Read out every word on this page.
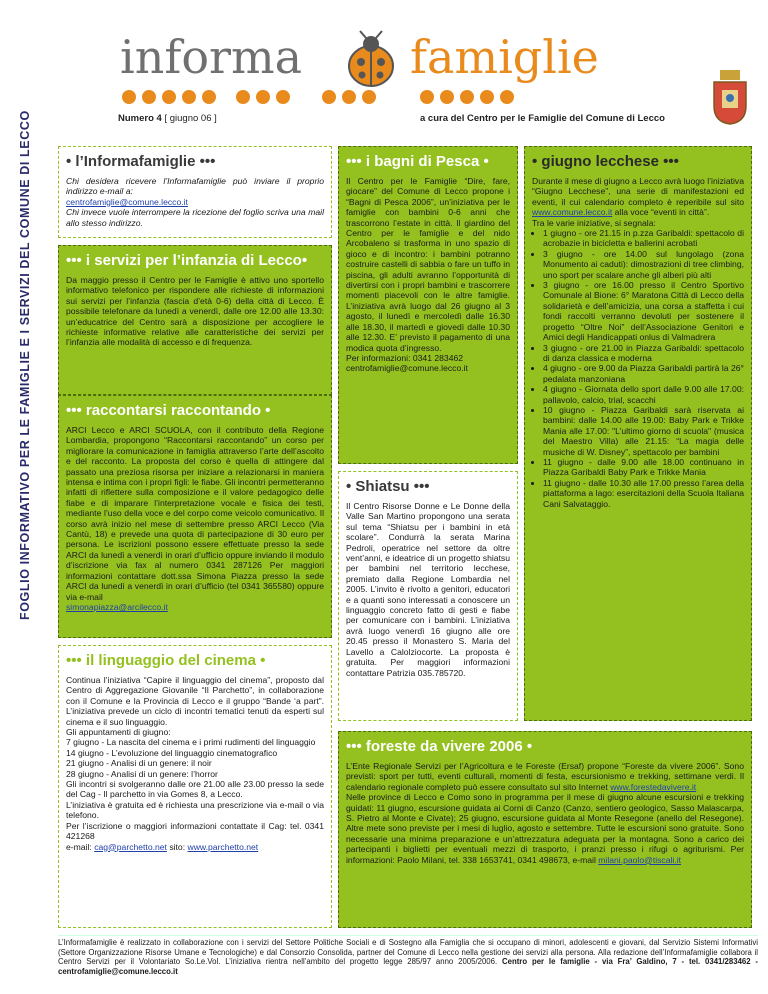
FOGLIO INFORMATIVO PER LE FAMIGLIE E I SERVIZI DEL COMUNE DI LECCO
informa famiglie
Numero 4 [ giugno 06 ]	a cura del Centro per le Famiglie del Comune di Lecco
• l’Informafamiglie •••

Chi desidera ricevere l’Informafamiglie può inviare il proprio indirizzo e-mail a:

centrofamiglie@comune.lecco.it

Chi invece vuole interrompere la ricezione del foglio scriva una mail allo stesso indirizzo.

••• i servizi per l’infanzia di Lecco•

Da maggio presso il Centro per le Famiglie è attivo uno sportello informativo telefonico per rispondere alle richieste di informazioni sui servizi per l’infanzia (fascia d’età 0-6) della città di Lecco. È possibile telefonare da lunedì a venerdì, dalle ore 12.00 alle 13.30: un’educatrice del Centro sarà a disposizione per accogliere le richieste informative relative alle caratteristiche dei servizi per l’infanzia alle modalità di accesso e di frequenza.

••• raccontarsi raccontando •

ARCI Lecco e ARCI SCUOLA, con il contributo della Regione Lombardia, propongono “Raccontarsi raccontando” un corso per migliorare la comunicazione in famiglia attraverso l’arte dell’ascolto e del racconto. La proposta del corso è quella di attingere dal passato una preziosa risorsa per iniziare a relazionarsi in maniera intensa e intima con i propri figli: le fiabe. Gli incontri permetteranno infatti di riflettere sulla composizione e il valore pedagogico delle fiabe e di imparare l’interpretazione vocale e fisica dei testi, mediante l’uso della voce e del corpo come veicolo comunicativo. Il corso avrà inizio nel mese di settembre presso ARCI Lecco (Via Cantù, 18) e prevede una quota di partecipazione di 30 euro per persona. Le iscrizioni possono essere effettuate presso la sede ARCI da lunedì a venerdì in orari d’ufficio oppure inviando il modulo d’iscrizione via fax al numero 0341 287126 Per maggiori informazioni contattare dott.ssa Simona Piazza presso la sede ARCI da lunedì a venerdì in orari d’ufficio (tel 0341 365580) oppure via e-mail

simonapiazza@arcilecco.it

••• il linguaggio del cinema •

Continua l’iniziativa “Capire il linguaggio del cinema”, proposto dal Centro di Aggregazione Giovanile “Il Parchetto”, in collaborazione con il Comune e la Provincia di Lecco e il gruppo “Bande ‘a part”. L’iniziativa prevede un ciclo di incontri tematici tenuti da esperti sul cinema e il suo linguaggio.

Gli appuntamenti di giugno:

7 giugno - La nascita del cinema e i primi rudimenti del linguaggio

14 giugno - L’evoluzione del linguaggio cinematografico

21 giugno - Analisi di un genere: il noir

28 giugno - Analisi di un genere: l’horror

Gli incontri si svolgeranno dalle ore 21.00 alle 23.00 presso la sede del Cag - Il parchetto in via Gomes 8, a Lecco.

L’iniziativa è gratuita ed è richiesta una prescrizione via e-mail o via telefono.

Per l’iscrizione o maggiori informazioni contattate il Cag: tel. 0341 421268

e-mail: cag@parchetto.net sito: www.parchetto.net

••• i bagni di Pesca •

Il Centro per le Famiglie “Dire, fare, giocare” del Comune di Lecco propone i “Bagni di Pesca 2006”, un’iniziativa per le famiglie con bambini 0-6 anni che trascorrono l’estate in città. Il giardino del Centro per le famiglie e del nido Arcobaleno si trasforma in uno spazio di gioco e di incontro: i bambini potranno costruire castelli di sabbia o fare un tuffo in piscina, gli adulti avranno l’opportunità di divertirsi con i propri bambini e trascorrere momenti piacevoli con le altre famiglie. L’iniziativa avrà luogo dal 26 giugno al 3 agosto, il lunedì e mercoledì dalle 16.30 alle 18.30, il martedì e giovedì dalle 10.30 alle 12.30. E’ previsto il pagamento di una modica quota d’ingresso.

Per informazioni: 0341 283462

centrofamiglie@comune.lecco.it

• Shiatsu •••

Il Centro Risorse Donne e Le Donne della Valle San Martino propongono una serata sul tema “Shiatsu per i bambini in età scolare”. Condurrà la serata Marina Pedroli, operatrice nel settore da oltre vent’anni, e ideatrice di un progetto shiatsu per bambini nel territorio lecchese, premiato dalla Regione Lombardia nel 2005. L’invito è rivolto a genitori, educatori e a quanti sono interessati a conoscere un linguaggio concreto fatto di gesti e fiabe per comunicare con i bambini. L’iniziativa avrà luogo venerdì 16 giugno alle ore 20.45 presso il Monastero S. Maria del Lavello a Calolziocorte. La proposta è gratuita. Per maggiori informazioni contattare Patrizia 035.785720.

• giugno lecchese •••

Durante il mese di giugno a Lecco avrà luogo l’iniziativa “Giugno Lecchese”, una serie di manifestazioni ed eventi, il cui calendario completo è reperibile sul sito www.comune.lecco.it alla voce “eventi in città”.

Tra le varie iniziative, si segnala:

• 1 giugno - ore 21.15 in p.zza Garibaldi: spettacolo di acrobazie in bicicletta e ballerini acrobati
• 3 giugno - ore 14.00 sul lungolago (zona Monumento ai caduti): dimostrazioni di tree climbing, uno sport per scalare anche gli alberi più alti
• 3 giugno - ore 16.00 presso il Centro Sportivo Comunale al Bione: 6° Maratona Città di Lecco della solidarietà e dell’amicizia, una corsa a staffetta i cui fondi raccolti verranno devoluti per sostenere il progetto “Oltre Noi” dell’Associazione Genitori e Amici degli Handicappati onlus di Valmadrera
• 3 giugno - ore 21.00 in Piazza Garibaldi: spettacolo di danza classica e moderna
• 4 giugno - ore 9.00 da Piazza Garibaldi partirà la 26° pedalata manzoniana
• 4 giugno - Giornata dello sport dalle 9.00 alle 17.00: pallavolo, calcio, trial, scacchi
• 10 giugno - Piazza Garibaldi sarà riservata ai bambini: dalle 14.00 alle 19.00: Baby Park e Trikke Mania alle 17.00: "L’ultimo giorno di scuola" (musica del Maestro Villa) alle 21.15: “La magia delle musiche di W. Disney”, spettacolo per bambini
• 11 giugno - dalle 9.00 alle 18.00 continuano in Piazza Garibaldi Baby Park e Trikke Mania
• 11 giugno - dalle 10.30 alle 17.00 presso l’area della piattaforma a lago: esercitazioni della Scuola Italiana Cani Salvataggio.
••• foreste da vivere 2006 •

L’Ente Regionale Servizi per l’Agricoltura e le Foreste (Ersaf) propone “Foreste da vivere 2006”. Sono previsti: sport per tutti, eventi culturali, momenti di festa, escursionismo e trekking, settimane verdi. Il calendario regionale completo può essere consultato sul sito Internet www.forestedavivere.it

Nelle province di Lecco e Como sono in programma per il mese di giugno alcune escursioni e trekking guidati: 11 giugno, escursione guidata ai Corni di Canzo (Canzo, sentiero geologico, Sasso Malascarpa, S. Pietro al Monte e Civate); 25 giugno, escursione guidata al Monte Resegone (anello del Resegone). Altre mete sono previste per i mesi di luglio, agosto e settembre. Tutte le escursioni sono gratuite. Sono necessarie una minima preparazione e un’attrezzatura adeguata per la montagna. Sono a carico dei partecipanti i biglietti per eventuali mezzi di trasporto, i pranzi presso i rifugi o agriturismi. Per informazioni: Paolo Milani, tel. 338 1653741, 0341 498673, e-mail milani.paolo@tiscali.it

L’Informafamiglie è realizzato in collaborazione con i servizi del Settore Politiche Sociali e di Sostegno alla Famiglia che si occupano di minori, adolescenti e giovani, dal Servizio Sistemi Informativi (Settore Organizzazione Risorse Umane e Tecnologiche) e dal Consorzio Consolida, partner del Comune di Lecco nella gestione dei servizi alla persona. Alla redazione dell’Informafamiglie collabora il Centro Servizi per il Volontariato So.Le.Vol. L’iniziativa rientra nell’ambito del progetto legge 285/97 anno 2005/2006. Centro per le famiglie - via Fra’ Galdino, 7 - tel. 0341/283462 - centrofamiglie@comune.lecco.it
